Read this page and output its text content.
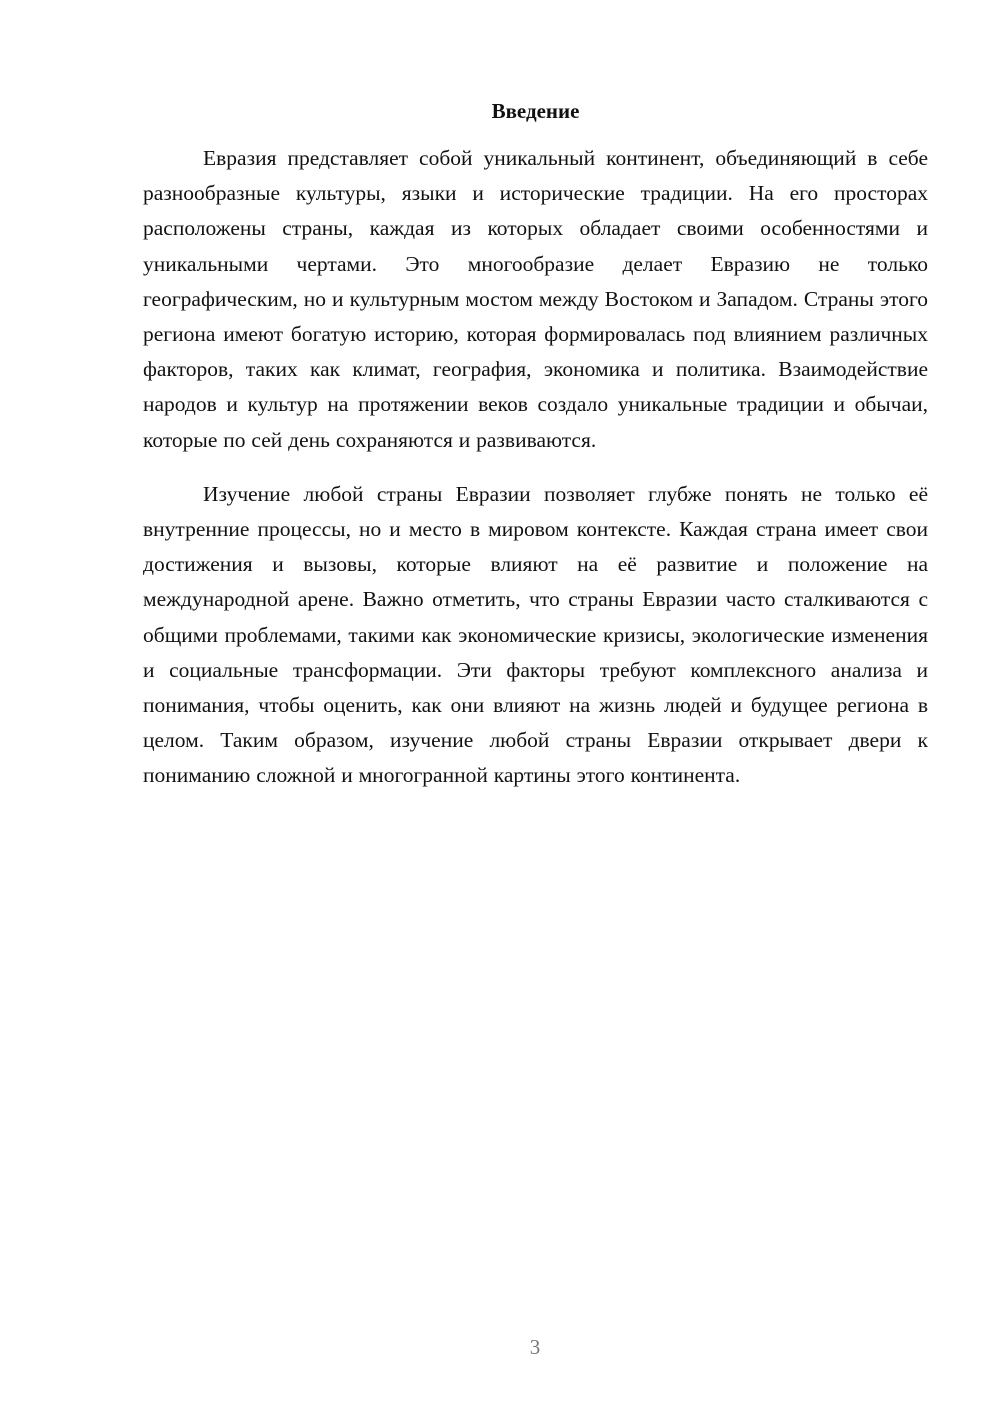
Введение

Евразия представляет собой уникальный континент, объединяющий в себе разнообразные культуры, языки и исторические традиции. На его просторах расположены страны, каждая из которых обладает своими особенностями и уникальными чертами. Это многообразие делает Евразию не только географическим, но и культурным мостом между Востоком и Западом. Страны этого региона имеют богатую историю, которая формировалась под влиянием различных факторов, таких как климат, география, экономика и политика. Взаимодействие народов и культур на протяжении веков создало уникальные традиции и обычаи, которые по сей день сохраняются и развиваются.

Изучение любой страны Евразии позволяет глубже понять не только её внутренние процессы, но и место в мировом контексте. Каждая страна имеет свои достижения и вызовы, которые влияют на её развитие и положение на международной арене. Важно отметить, что страны Евразии часто сталкиваются с общими проблемами, такими как экономические кризисы, экологические изменения и социальные трансформации. Эти факторы требуют комплексного анализа и понимания, чтобы оценить, как они влияют на жизнь людей и будущее региона в целом. Таким образом, изучение любой страны Евразии открывает двери к пониманию сложной и многогранной картины этого континента.

3
